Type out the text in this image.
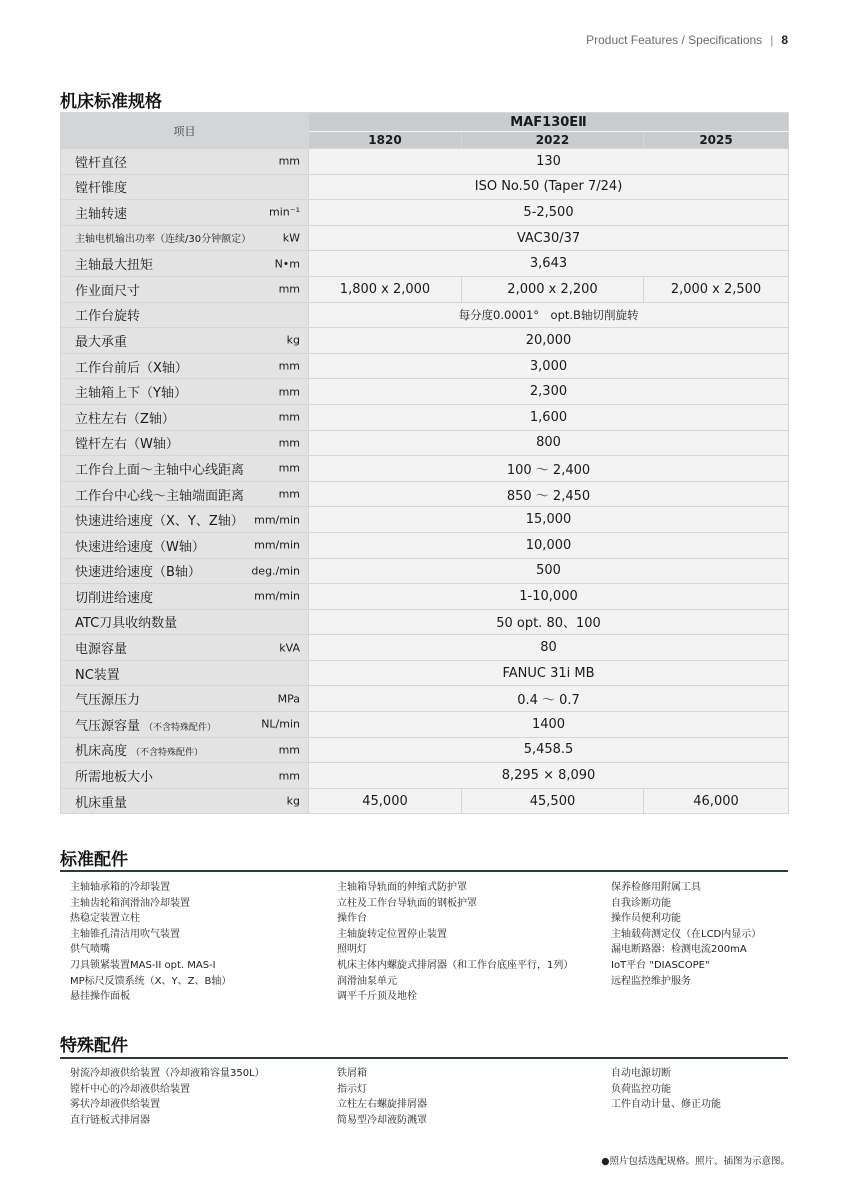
Product Features / Specifications | 8
机床标准规格
项目	MAF130EⅡ		
	1820	2022	2025
镗杆直径 mm	130		
镗杆锥度	ISO No.50 (Taper 7/24)		
主轴转速 min⁻¹	5-2,500		
主轴电机输出功率（连续/30分钟额定） kW	VAC30/37		
主轴最大扭矩 N•m	3,643		
作业面尺寸 mm	1,800 x 2,000	2,000 x 2,200	2,000 x 2,500
工作台旋转	每分度0.0001°　opt.B轴切削旋转		
最大承重 kg	20,000		
工作台前后（X轴） mm	3,000		
主轴箱上下（Y轴） mm	2,300		
立柱左右（Z轴） mm	1,600		
镗杆左右（W轴） mm	800		
工作台上面～主轴中心线距离 mm	100 ～ 2,400		
工作台中心线～主轴端面距离 mm	850 ～ 2,450		
快速进给速度（X、Y、Z轴） mm/min	15,000		
快速进给速度（W轴） mm/min	10,000		
快速进给速度（B轴） deg./min	500		
切削进给速度 mm/min	1-10,000		
ATC刀具收纳数量	50 opt. 80、100		
电源容量 kVA	80		
NC装置	FANUC 31i MB		
气压源压力 MPa	0.4 ～ 0.7		
气压源容量 （不含特殊配件） NL/min	1400		
机床高度 （不含特殊配件） mm	5,458.5		
所需地板大小 mm	8,295 × 8,090		
机床重量 kg	45,000	45,500	46,000
标准配件
主轴轴承箱的冷却装置
主轴齿轮箱润滑油冷却装置
热稳定装置立柱
主轴锥孔清洁用吹气装置
供气喷嘴
刀具锁紧装置MAS-II opt. MAS-I
MP标尺反馈系统（X、Y、Z、B轴）
悬挂操作面板
主轴箱导轨面的伸缩式防护罩
立柱及工作台导轨面的钢板护罩
操作台
主轴旋转定位置停止装置
照明灯
机床主体内螺旋式排屑器（和工作台底座平行，1列）
润滑油泵单元
调平千斤顶及地栓
保养检修用附属工具
自我诊断功能
操作员便利功能
主轴载荷测定仪（在LCD内显示）
漏电断路器：检测电流200mA
IoT平台 "DIASCOPE"
远程监控维护服务
特殊配件
射流冷却液供给装置（冷却液箱容量350L）
镗杆中心的冷却液供给装置
雾状冷却液供给装置
直行链板式排屑器
铁屑箱
指示灯
立柱左右螺旋排屑器
简易型冷却液防溅罩
自动电源切断
负荷监控功能
工件自动计量、修正功能
●照片包括选配规格。照片、插图为示意图。
